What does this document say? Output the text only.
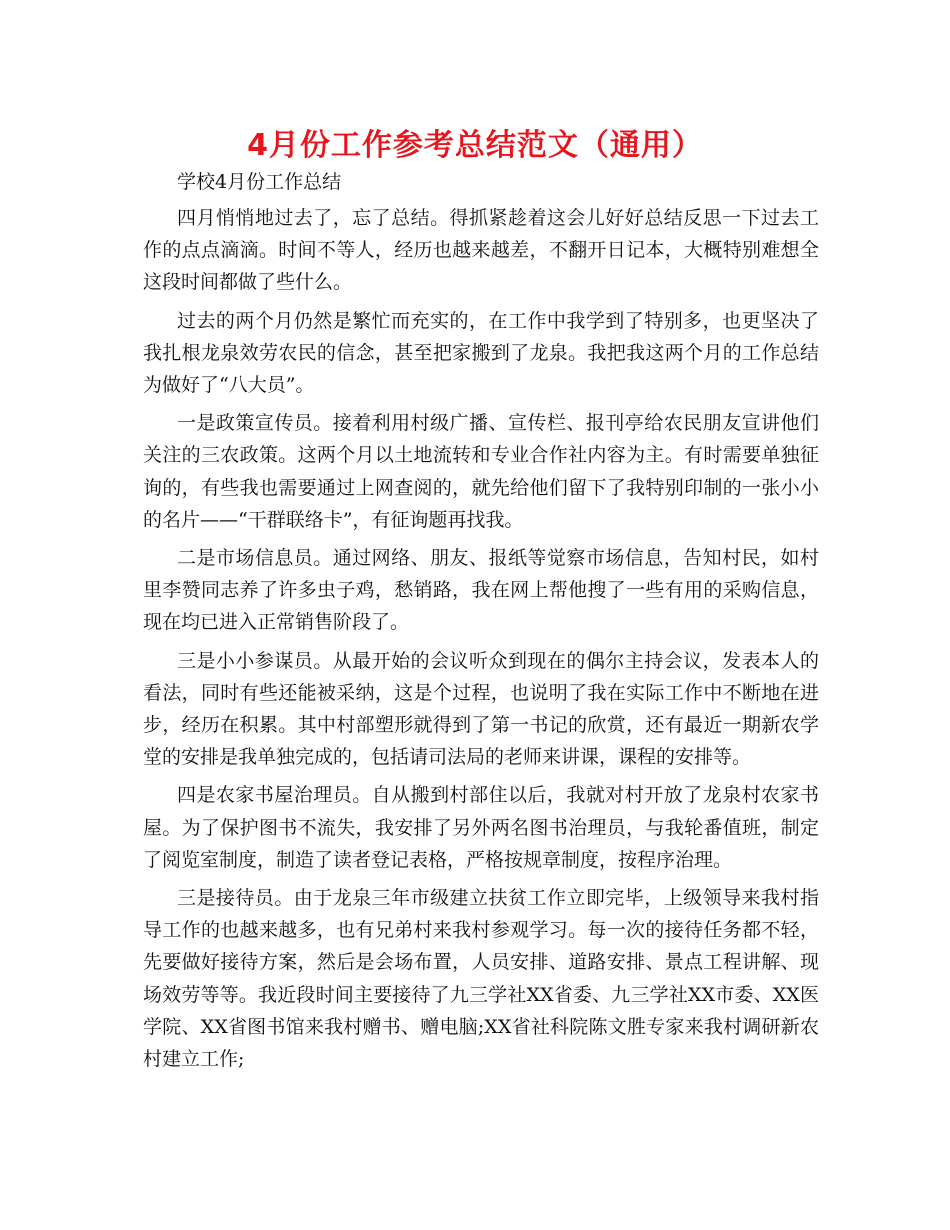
4月份工作参考总结范文（通用）

学校4月份工作总结

四月悄悄地过去了，忘了总结。得抓紧趁着这会儿好好总结反思一下过去工作的点点滴滴。时间不等人，经历也越来越差，不翻开日记本，大概特别难想全这段时间都做了些什么。

过去的两个月仍然是繁忙而充实的，在工作中我学到了特别多，也更坚决了我扎根龙泉效劳农民的信念，甚至把家搬到了龙泉。我把我这两个月的工作总结为做好了“八大员”。

一是政策宣传员。接着利用村级广播、宣传栏、报刊亭给农民朋友宣讲他们关注的三农政策。这两个月以土地流转和专业合作社内容为主。有时需要单独征询的，有些我也需要通过上网查阅的，就先给他们留下了我特别印制的一张小小的名片——“干群联络卡”，有征询题再找我。

二是市场信息员。通过网络、朋友、报纸等觉察市场信息，告知村民，如村里李赞同志养了许多虫子鸡，愁销路，我在网上帮他搜了一些有用的采购信息，现在均已进入正常销售阶段了。

三是小小参谋员。从最开始的会议听众到现在的偶尔主持会议，发表本人的看法，同时有些还能被采纳，这是个过程，也说明了我在实际工作中不断地在进步，经历在积累。其中村部塑形就得到了第一书记的欣赏，还有最近一期新农学堂的安排是我单独完成的，包括请司法局的老师来讲课，课程的安排等。

四是农家书屋治理员。自从搬到村部住以后，我就对村开放了龙泉村农家书屋。为了保护图书不流失，我安排了另外两名图书治理员，与我轮番值班，制定了阅览室制度，制造了读者登记表格，严格按规章制度，按程序治理。

三是接待员。由于龙泉三年市级建立扶贫工作立即完毕，上级领导来我村指导工作的也越来越多，也有兄弟村来我村参观学习。每一次的接待任务都不轻，先要做好接待方案，然后是会场布置，人员安排、道路安排、景点工程讲解、现场效劳等等。我近段时间主要接待了九三学社XX省委、九三学社XX市委、XX医学院、XX省图书馆来我村赠书、赠电脑;XX省社科院陈文胜专家来我村调研新农村建立工作;
